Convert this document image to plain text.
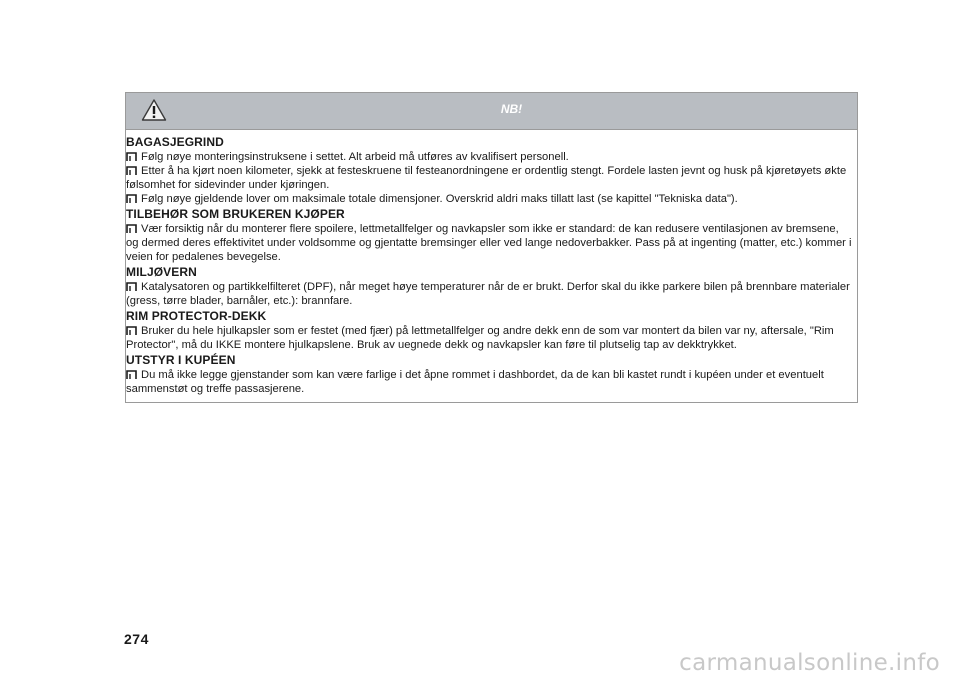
NB!
BAGASJEGRIND
Følg nøye monteringsinstruksene i settet. Alt arbeid må utføres av kvalifisert personell.
Etter å ha kjørt noen kilometer, sjekk at festeskruene til festeanordningene er ordentlig stengt. Fordele lasten jevnt og husk på kjøretøyets økte følsomhet for sidevinder under kjøringen.
Følg nøye gjeldende lover om maksimale totale dimensjoner. Overskrid aldri maks tillatt last (se kapittel "Tekniska data").
TILBEHØR SOM BRUKEREN KJØPER
Vær forsiktig når du monterer flere spoilere, lettmetallfelger og navkapsler som ikke er standard: de kan redusere ventilasjonen av bremsene, og dermed deres effektivitet under voldsomme og gjentatte bremsinger eller ved lange nedoverbakker. Pass på at ingenting (matter, etc.) kommer i veien for pedalenes bevegelse.
MILJØVERN
Katalysatoren og partikkelfilteret (DPF), når meget høye temperaturer når de er brukt. Derfor skal du ikke parkere bilen på brennbare materialer (gress, tørre blader, barnåler, etc.): brannfare.
RIM PROTECTOR-DEKK
Bruker du hele hjulkapsler som er festet (med fjær) på lettmetallfelger og andre dekk enn de som var montert da bilen var ny, aftersale, "Rim Protector", må du IKKE montere hjulkapslene. Bruk av uegnede dekk og navkapsler kan føre til plutselig tap av dekktrykket.
UTSTYR I KUPÉEN
Du må ikke legge gjenstander som kan være farlige i det åpne rommet i dashbordet, da de kan bli kastet rundt i kupéen under et eventuelt sammenstøt og treffe passasjerene.
274
carmanualsonline.info
